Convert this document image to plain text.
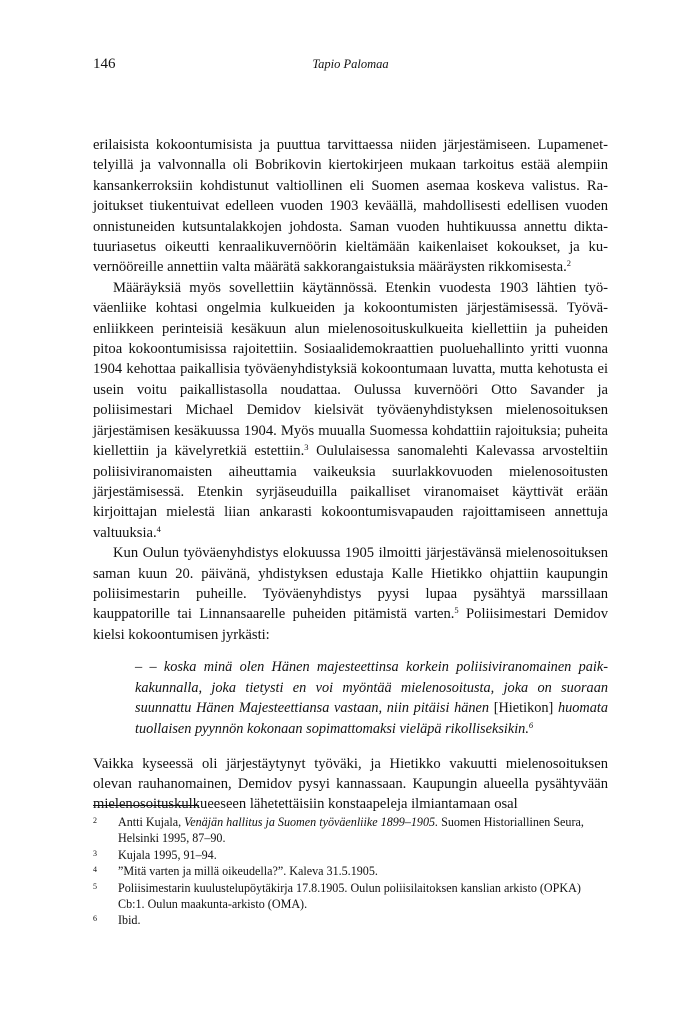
146	Tapio Palomaa

erilaisista kokoontumisista ja puuttua tarvittaessa niiden järjestämiseen. Lupamenettelyillä ja valvonnalla oli Bobrikovin kiertokirjeen mukaan tarkoitus estää alempiin kansankerroksiin kohdistunut valtiollinen eli Suomen asemaa koskeva valistus. Rajoitukset tiukentuivat edelleen vuoden 1903 keväällä, mahdollisesti edellisen vuoden onnistuneiden kutsuntalakkojen johdosta. Saman vuoden huhtikuussa annettu diktatuuriasetus oikeutti kenraalikuvernöörin kieltämään kaikenlaiset kokoukset, ja kuvernööreille annettiin valta määrätä sakkorangaistuksia määräysten rikkomisesta.$^2$

Määräyksiä myös sovellettiin käytännössä. Etenkin vuodesta 1903 lähtien työväenliike kohtasi ongelmia kulkueiden ja kokoontumisten järjestämisessä. Työväenliikkeen perinteisiä kesäkuun alun mielenosoituskulkueita kiellettiin ja puheiden pitoa kokoontumisissa rajoitettiin. Sosiaalidemokraattien puoluehallinto yritti vuonna 1904 kehottaa paikallisia työväenyhdistyksiä kokoontumaan luvatta, mutta kehotusta ei usein voitu paikallistasolla noudattaa. Oulussa kuvernööri Otto Savander ja poliisimestari Michael Demidov kielsivät työväenyhdistyksen mielenosoituksen järjestämisen kesäkuussa 1904. Myös muualla Suomessa kohdattiin rajoituksia; puheita kiellettiin ja kävelyretkiä estettiin.$^3$ Oululaisessa sanomalehti Kalevassa arvosteltiin poliisiviranomaisten aiheuttamia vaikeuksia suurlakkovuoden mielenosoitusten järjestämisessä. Etenkin syrjäseuduilla paikalliset viranomaiset käyttivät erään kirjoittajan mielestä liian ankarasti kokoontumisvapauden rajoittamiseen annettuja valtuuksia.$^4$

Kun Oulun työväenyhdistys elokuussa 1905 ilmoitti järjestävänsä mielenosoituksen saman kuun 20. päivänä, yhdistyksen edustaja Kalle Hietikko ohjattiin kaupungin poliisimestarin puheille. Työväenyhdistys pyysi lupaa pysähtyä marssillaan kauppatorille tai Linnansaarelle puheiden pitämistä varten.$^5$ Poliisimestari Demidov kielsi kokoontumisen jyrkästi:

– – koska minä olen Hänen majesteettinsa korkein poliisiviranomainen paikkakunnalla, joka tietysti en voi myöntää mielenosoitusta, joka on suoraan suunnattu Hänen Majesteettiansa vastaan, niin pitäisi hänen [Hietikon] huomata tuollaisen pyynnön kokonaan sopimattomaksi vieläpä rikolliseksikin.$^6$

Vaikka kyseessä oli järjestäytynyt työväki, ja Hietikko vakuutti mielenosoituksen olevan rauhanomainen, Demidov pysyi kannassaan. Kaupungin alueella pysähtyvään mielenosoituskulkueeseen lähetettäisiin konstaapeleja ilmiantamaan osal

2 Antti Kujala, Venäjän hallitus ja Suomen työväenliike 1899–1905. Suomen Historiallinen Seura, Helsinki 1995, 87–90.
3 Kujala 1995, 91–94.
4 ”Mitä varten ja millä oikeudella?”. Kaleva 31.5.1905.
5 Poliisimestarin kuulustelupöytäkirja 17.8.1905. Oulun poliisilaitoksen kanslian arkisto (OPKA) Cb:1. Oulun maakunta-arkisto (OMA).
6 Ibid.
